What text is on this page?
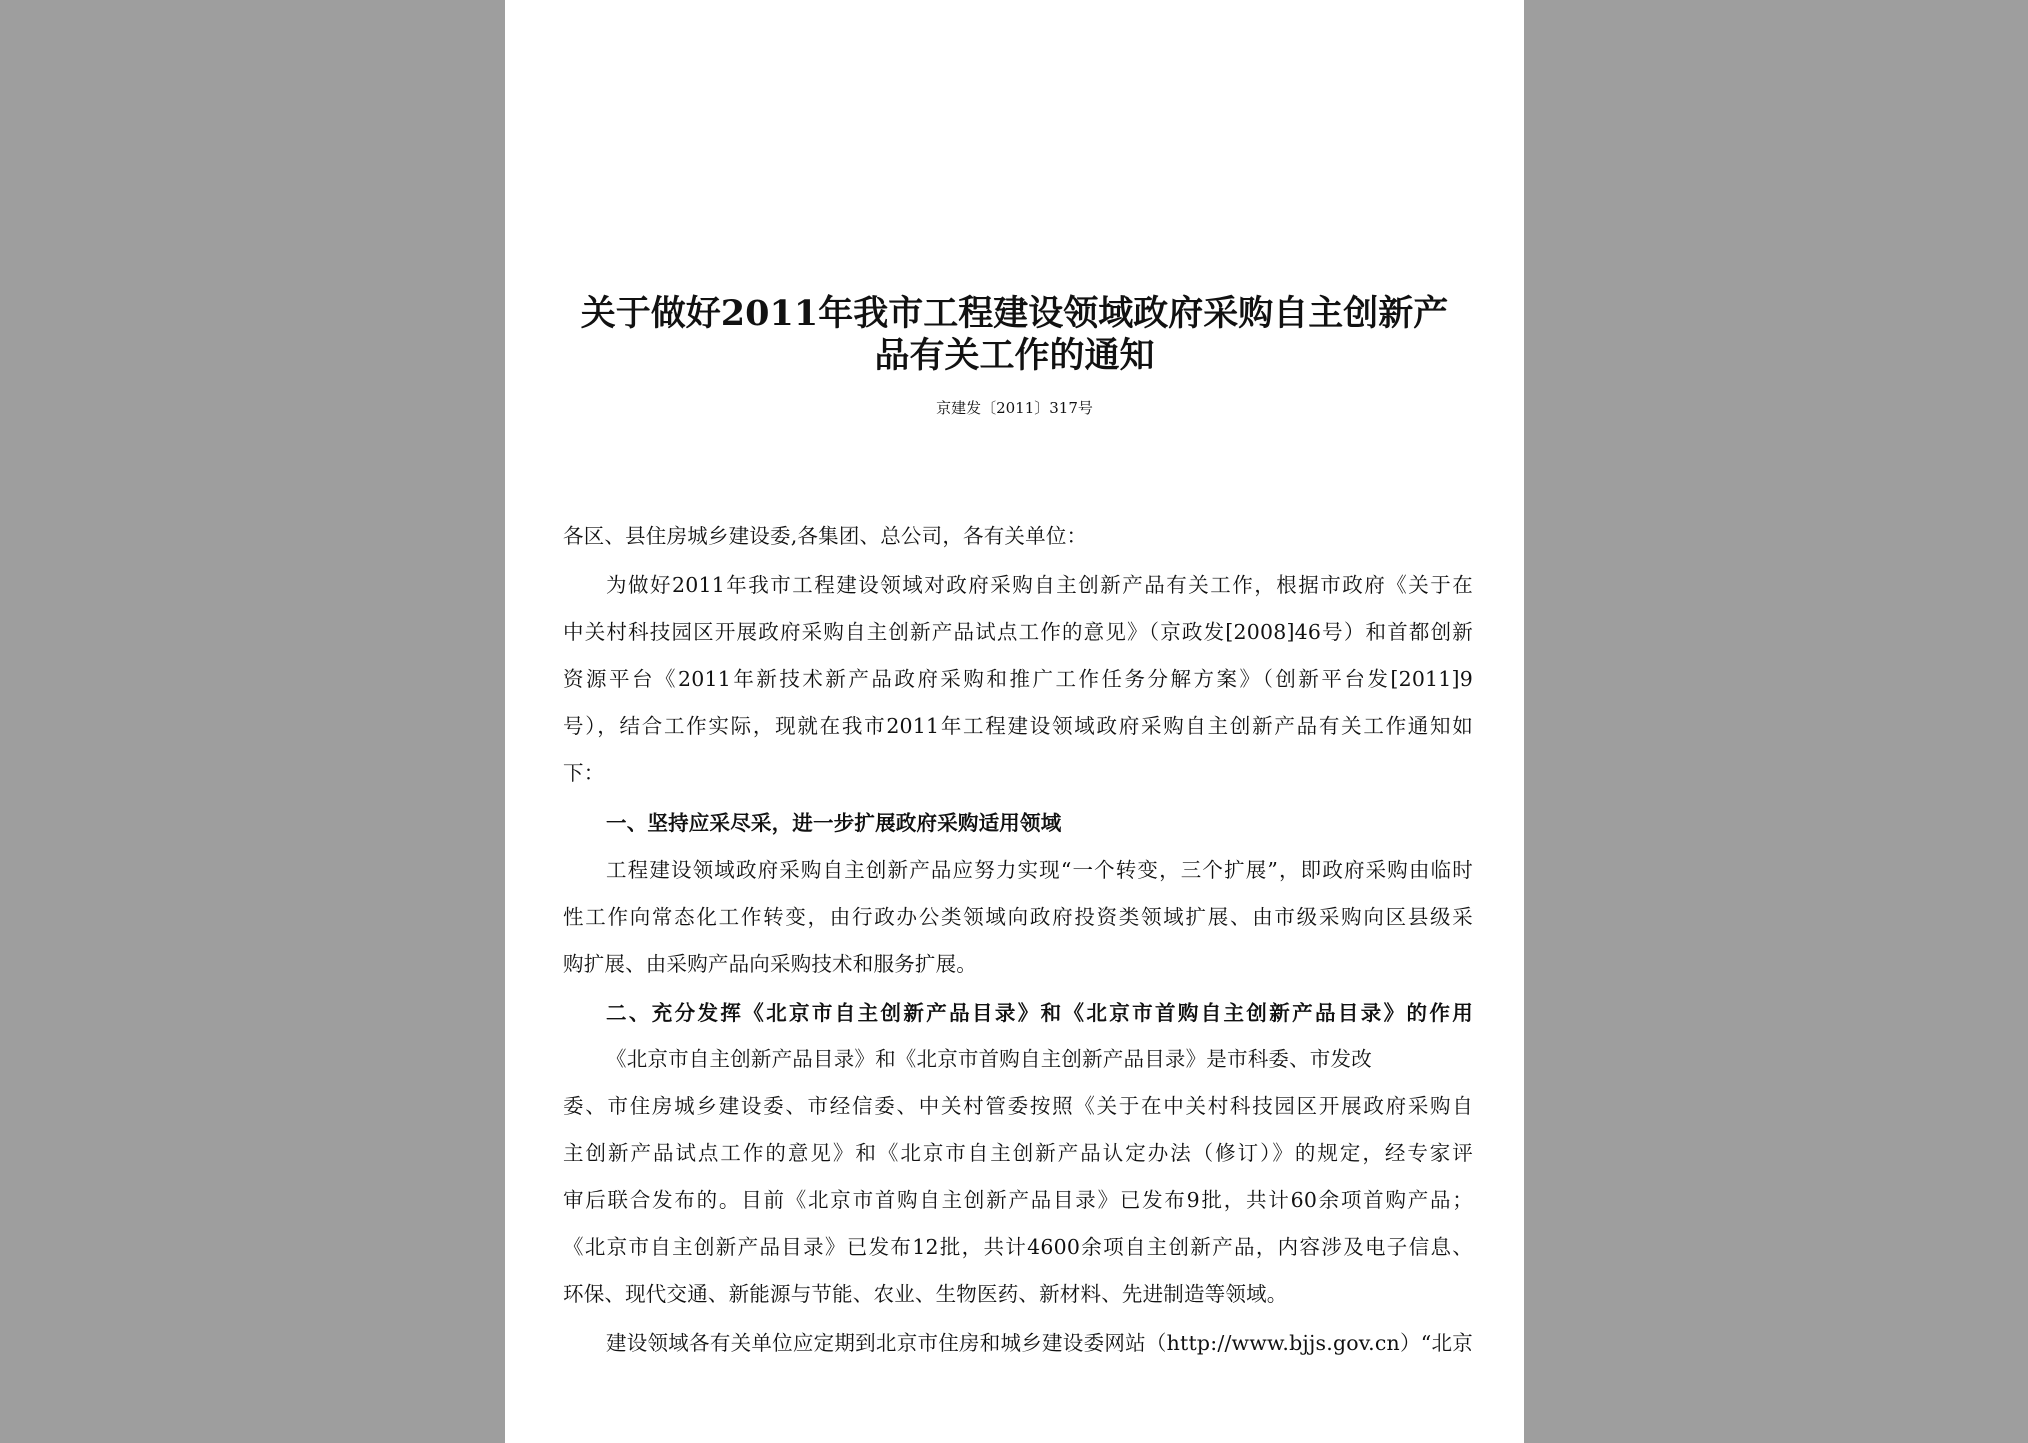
关于做好2011年我市工程建设领域政府采购自主创新产
品有关工作的通知
京建发〔2011〕317号
各区、县住房城乡建设委,各集团、总公司，各有关单位：
为做好2011年我市工程建设领域对政府采购自主创新产品有关工作，根据市政府《关于在
中关村科技园区开展政府采购自主创新产品试点工作的意见》（京政发[2008]46号）和首都创新
资源平台《2011年新技术新产品政府采购和推广工作任务分解方案》（创新平台发[2011]9
号），结合工作实际，现就在我市2011年工程建设领域政府采购自主创新产品有关工作通知如
下：
一、坚持应采尽采，进一步扩展政府采购适用领域
工程建设领域政府采购自主创新产品应努力实现“一个转变，三个扩展”，即政府采购由临时
性工作向常态化工作转变，由行政办公类领域向政府投资类领域扩展、由市级采购向区县级采
购扩展、由采购产品向采购技术和服务扩展。
二、充分发挥《北京市自主创新产品目录》和《北京市首购自主创新产品目录》的作用
《北京市自主创新产品目录》和《北京市首购自主创新产品目录》是市科委、市发改
委、市住房城乡建设委、市经信委、中关村管委按照《关于在中关村科技园区开展政府采购自
主创新产品试点工作的意见》和《北京市自主创新产品认定办法（修订）》的规定，经专家评
审后联合发布的。目前《北京市首购自主创新产品目录》已发布9批，共计60余项首购产品；
《北京市自主创新产品目录》已发布12批，共计4600余项自主创新产品，内容涉及电子信息、
环保、现代交通、新能源与节能、农业、生物医药、新材料、先进制造等领域。
建设领域各有关单位应定期到北京市住房和城乡建设委网站（http://www.bjjs.gov.cn）“北京
